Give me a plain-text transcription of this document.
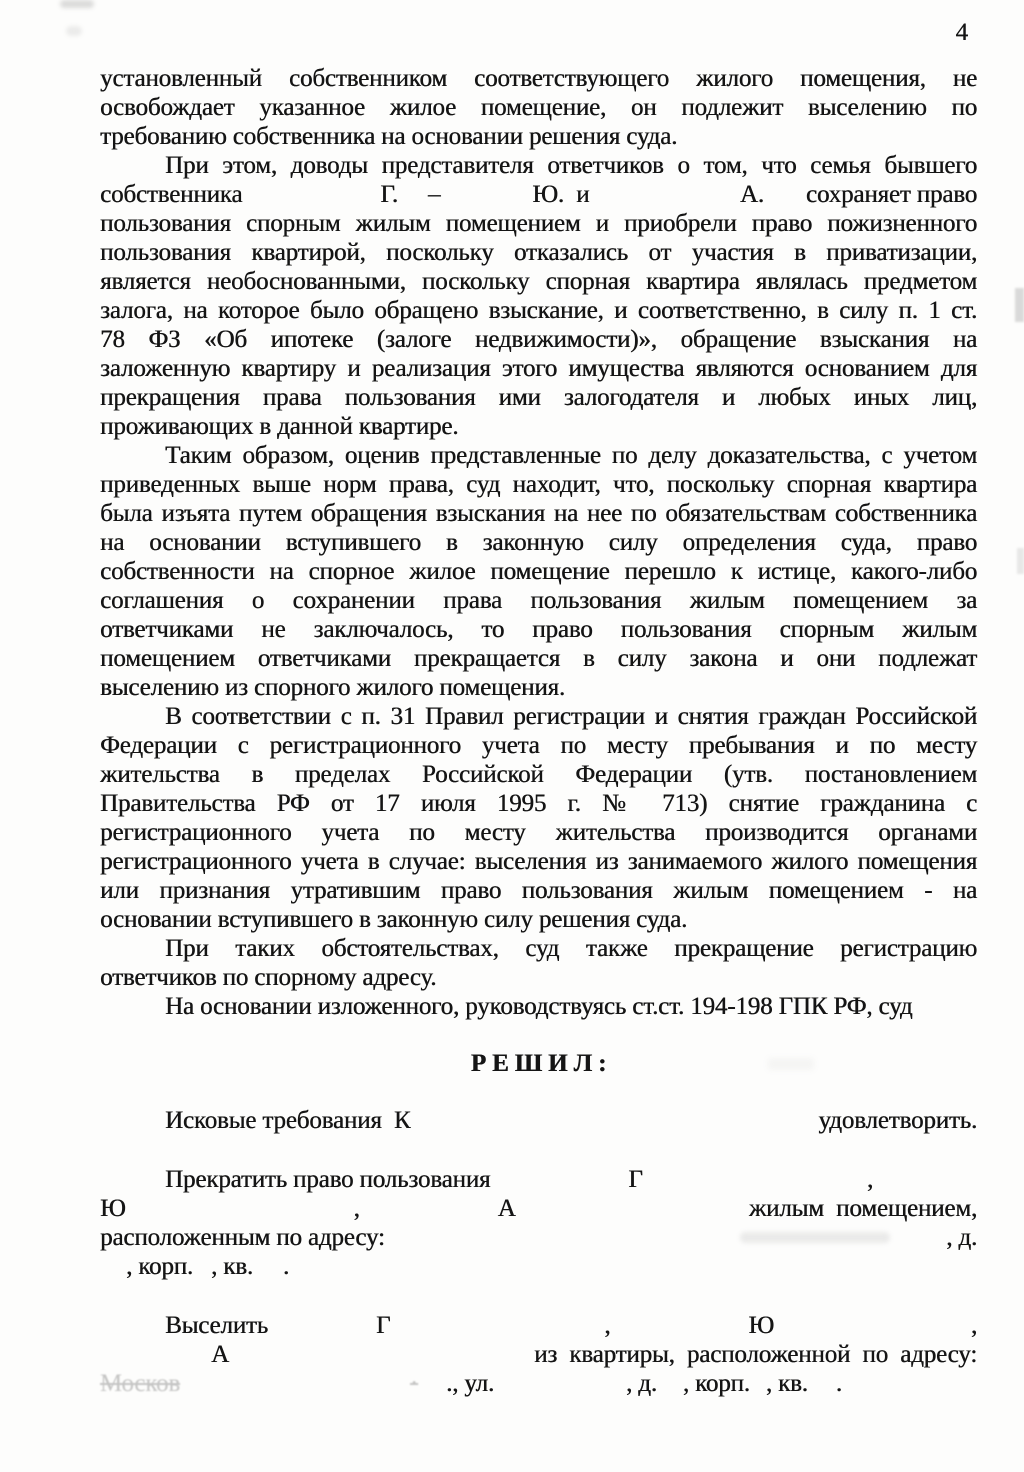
4
установленный собственником соответствующего жилого помещения, не
освобождает указанное жилое помещение, он подлежит выселению по
требованию собственника на основании решения суда.
При этом, доводы представителя ответчиков о том, что семья бывшего
собственника	Г. –	Ю.  и	А. сохраняет право
пользования спорным жилым помещением и приобрели право пожизненного
пользования квартирой, поскольку отказались от участия в приватизации,
является необоснованными, поскольку спорная квартира являлась предметом
залога, на которое было обращено взыскание, и соответственно, в силу п. 1 ст.
78 ФЗ «Об ипотеке (залоге недвижимости)», обращение взыскания на
заложенную квартиру и реализация этого имущества являются основанием для
прекращения права пользования ими залогодателя и любых иных лиц,
проживающих в данной квартире.
Таким образом, оценив представленные по делу доказательства, с учетом
приведенных выше норм права, суд находит, что, поскольку спорная квартира
была изъята путем обращения взыскания на нее по обязательствам собственника
на основании вступившего в законную силу определения суда, право
собственности на спорное жилое помещение перешло к истице, какого-либо
соглашения о сохранении права пользования жилым помещением за
ответчиками не заключалось, то право пользования спорным жилым
помещением ответчиками прекращается в силу закона и они подлежат
выселению из спорного жилого помещения.
В соответствии с п. 31 Правил регистрации и снятия граждан Российской
Федерации с регистрационного учета по месту пребывания и по месту
жительства в пределах Российской Федерации (утв. постановлением
Правительства РФ от 17 июля 1995 г. № 713) снятие гражданина с
регистрационного учета по месту жительства производится органами
регистрационного учета в случае: выселения из занимаемого жилого помещения
или признания утратившим право пользования жилым помещением - на
основании вступившего в законную силу решения суда.
При таких обстоятельствах, суд также прекращение регистрацию
ответчиков по спорному адресу.
На основании изложенного, руководствуясь ст.ст. 194-198 ГПК РФ, суд
Р Е Ш И Л :
Исковые требования  К	удовлетворить.
Прекратить право пользования	Г	,
Ю	,	А	жилым  помещением,
расположенным по адресу:	, д.
, корп. , кв. .
Выселить	Г	,	Ю	,
А	из  квартиры,  расположенной  по  адресу:
Москов	·	., ул.	, д. , корп. , кв. .
